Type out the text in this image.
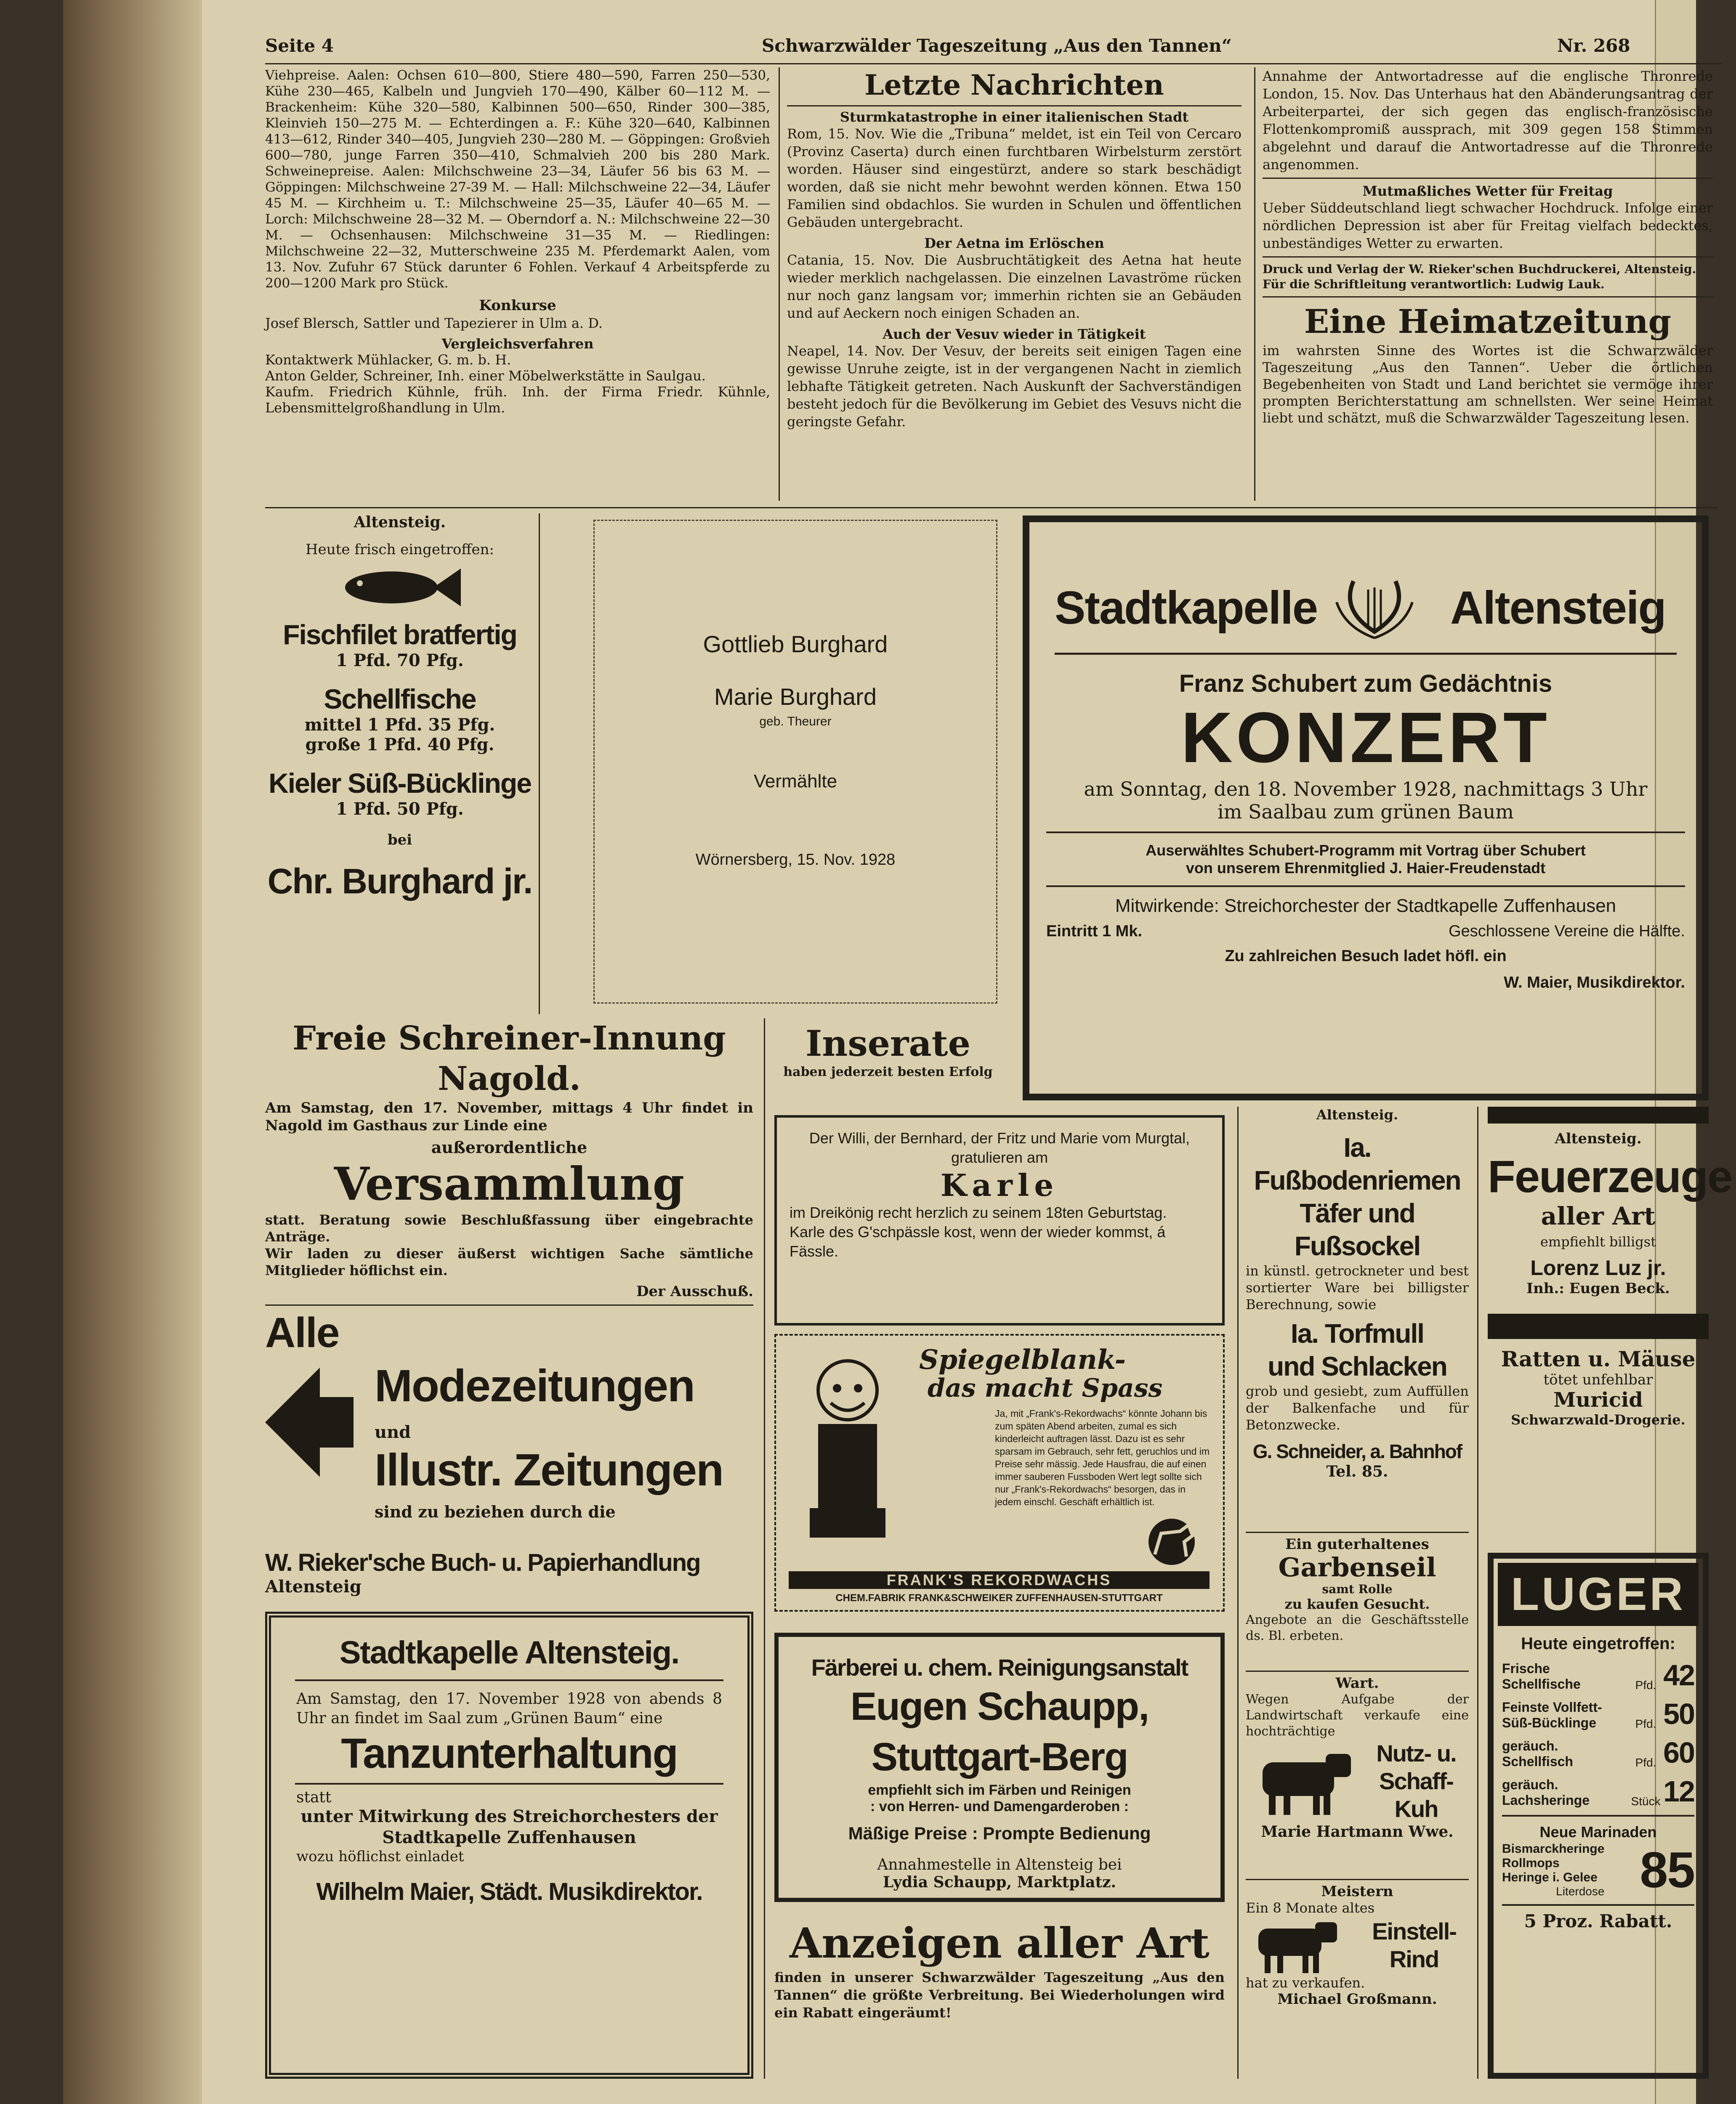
Seite 4	Schwarzwälder Tageszeitung „Aus den Tannen“	Nr. 268

Viehpreise. Aalen: Ochsen 610—800, Stiere 480—590, Farren 250—530, Kühe 230—465, Kalbeln und Jungvieh 170—490, Kälber 60—112 M. — Brackenheim: Kühe 320—580, Kalbinnen 500—650, Rinder 300—385, Kleinvieh 150—275 M. — Echterdingen a. F.: Kühe 320—640, Kalbinnen 413—612, Rinder 340—405, Jungvieh 230—280 M. — Göppingen: Großvieh 600—780, junge Farren 350—410, Schmalvieh 200 bis 280 Mark. Schweinepreise. Aalen: Milchschweine 23—34, Läufer 56 bis 63 M. — Göppingen: Milchschweine 27-39 M. — Hall: Milchschweine 22—34, Läufer 45 M. — Kirchheim u. T.: Milchschweine 25—35, Läufer 40—65 M. — Lorch: Milchschweine 28—32 M. — Oberndorf a. N.: Milchschweine 22—30 M. — Ochsenhausen: Milchschweine 31—35 M. — Riedlingen: Milchschweine 22—32, Mutterschweine 235 M. Pferdemarkt Aalen, vom 13. Nov. Zufuhr 67 Stück darunter 6 Fohlen. Verkauf 4 Arbeitspferde zu 200—1200 Mark pro Stück.

Konkurse

Josef Blersch, Sattler und Tapezierer in Ulm a. D.

Vergleichsverfahren

Kontaktwerk Mühlacker, G. m. b. H.

Anton Gelder, Schreiner, Inh. einer Möbelwerkstätte in Saulgau.

Kaufm. Friedrich Kühnle, früh. Inh. der Firma Friedr. Kühnle, Lebensmittelgroßhandlung in Ulm.

Letzte Nachrichten

Sturmkatastrophe in einer italienischen Stadt

Rom, 15. Nov. Wie die „Tribuna“ meldet, ist ein Teil von Cercaro (Provinz Caserta) durch einen furchtbaren Wirbelsturm zerstört worden. Häuser sind eingestürzt, andere so stark beschädigt worden, daß sie nicht mehr bewohnt werden können. Etwa 150 Familien sind obdachlos. Sie wurden in Schulen und öffentlichen Gebäuden untergebracht.

Der Aetna im Erlöschen

Catania, 15. Nov. Die Ausbruchtätigkeit des Aetna hat heute wieder merklich nachgelassen. Die einzelnen Lavaströme rücken nur noch ganz langsam vor; immerhin richten sie an Gebäuden und auf Aeckern noch einigen Schaden an.

Auch der Vesuv wieder in Tätigkeit

Neapel, 14. Nov. Der Vesuv, der bereits seit einigen Tagen eine gewisse Unruhe zeigte, ist in der vergangenen Nacht in ziemlich lebhafte Tätigkeit getreten. Nach Auskunft der Sachverständigen besteht jedoch für die Bevölkerung im Gebiet des Vesuvs nicht die geringste Gefahr.

Annahme der Antwortadresse auf die englische Thronrede London, 15. Nov. Das Unterhaus hat den Abänderungsantrag der Arbeiterpartei, der sich gegen das englisch-französische Flottenkompromiß aussprach, mit 309 gegen 158 Stimmen abgelehnt und darauf die Antwortadresse auf die Thronrede angenommen.

Mutmaßliches Wetter für Freitag

Ueber Süddeutschland liegt schwacher Hochdruck. Infolge einer nördlichen Depression ist aber für Freitag vielfach bedecktes, unbeständiges Wetter zu erwarten.

Druck und Verlag der W. Rieker'schen Buchdruckerei, Altensteig.

Für die Schriftleitung verantwortlich: Ludwig Lauk.

Eine Heimatzeitung

im wahrsten Sinne des Wortes ist die Schwarzwälder Tageszeitung „Aus den Tannen“. Ueber die örtlichen Begebenheiten von Stadt und Land berichtet sie vermöge ihrer prompten Berichterstattung am schnellsten. Wer seine Heimat liebt und schätzt, muß die Schwarzwälder Tageszeitung lesen.

Altensteig.

Heute frisch eingetroffen:

Fischfilet bratfertig

1 Pfd. 70 Pfg.

Schellfische

mittel 1 Pfd. 35 Pfg.

große 1 Pfd. 40 Pfg.

Kieler Süß-Bücklinge

1 Pfd. 50 Pfg.

bei

Chr. Burghard jr.

Gottlieb Burghard

Marie Burghard

geb. Theurer

Vermählte

Wörnersberg, 15. Nov. 1928

Stadtkapelle	Altensteig

Franz Schubert zum Gedächtnis

KONZERT

am Sonntag, den 18. November 1928, nachmittags 3 Uhr

im Saalbau zum grünen Baum

Auserwähltes Schubert-Programm mit Vortrag über Schubert

von unserem Ehrenmitglied J. Haier-Freudenstadt

Mitwirkende: Streichorchester der Stadtkapelle Zuffenhausen

Eintritt 1 Mk.	Geschlossene Vereine die Hälfte.

Zu zahlreichen Besuch ladet höfl. ein

W. Maier, Musikdirektor.

Freie Schreiner-Innung Nagold.

Am Samstag, den 17. November, mittags 4 Uhr findet in Nagold im Gasthaus zur Linde eine

außerordentliche

Versammlung

statt. Beratung sowie Beschlußfassung über eingebrachte Anträge.

Wir laden zu dieser äußerst wichtigen Sache sämtliche Mitglieder höflichst ein.

Der Ausschuß.

Inserate

haben jederzeit besten Erfolg

Alle

Modezeitungen

und

Illustr. Zeitungen

sind zu beziehen durch die

W. Rieker'sche Buch- u. Papierhandlung

Altensteig

Stadtkapelle Altensteig.

Am Samstag, den 17. November 1928 von abends 8 Uhr an findet im Saal zum „Grünen Baum“ eine

Tanzunterhaltung

statt

unter Mitwirkung des Streichorchesters der Stadtkapelle Zuffenhausen

wozu höflichst einladet

Wilhelm Maier, Städt. Musikdirektor.

Der Willi, der Bernhard, der Fritz und Marie vom Murgtal, gratulieren am

Karle

im Dreikönig recht herzlich zu seinem 18ten Geburtstag.

Karle des G'schpässle kost, wenn der wieder kommst, á Fässle.

Spiegelblank-

das macht Spass

Ja, mit „Frank's-Rekordwachs“ könnte Johann bis zum späten Abend arbeiten, zumal es sich kinderleicht auftragen lässt. Dazu ist es sehr sparsam im Gebrauch, sehr fett, geruchlos und im Preise sehr mässig. Jede Hausfrau, die auf einen immer sauberen Fussboden Wert legt sollte sich nur „Frank's-Rekordwachs“ besorgen, das in jedem einschl. Geschäft erhältlich ist.

FRANK'S REKORDWACHS

CHEM.FABRIK FRANK&SCHWEIKER ZUFFENHAUSEN-STUTTGART

Färberei u. chem. Reinigungsanstalt

Eugen Schaupp, Stuttgart-Berg

empfiehlt sich im Färben und Reinigen

: von Herren- und Damengarderoben :

Mäßige Preise : Prompte Bedienung

Annahmestelle in Altensteig bei

Lydia Schaupp, Marktplatz.

Anzeigen aller Art

finden in unserer Schwarzwälder Tageszeitung „Aus den Tannen“ die größte Verbreitung. Bei Wiederholungen wird ein Rabatt eingeräumt!

Altensteig.

Ia. Fußbodenriemen

Täfer und Fußsockel

in künstl. getrockneter und best sortierter Ware bei billigster Berechnung, sowie

Ia. Torfmull

und Schlacken

grob und gesiebt, zum Auffüllen der Balkenfache und für Betonzwecke.

G. Schneider, a. Bahnhof

Tel. 85.

Ein guterhaltenes

Garbenseil

samt Rolle

zu kaufen Gesucht.

Angebote an die Geschäftsstelle ds. Bl. erbeten.

Wart.

Wegen Aufgabe der Landwirtschaft verkaufe eine hochträchtige

Nutz- u. Schaff-Kuh

Marie Hartmann Wwe.

Meistern

Ein 8 Monate altes

Einstell-Rind

hat zu verkaufen.

Michael Großmann.

Altensteig.

Feuerzeuge

aller Art

empfiehlt billigst

Lorenz Luz jr.

Inh.: Eugen Beck.

Ratten u. Mäuse

tötet unfehlbar

Muricid

Schwarzwald-Drogerie.

LUGER

Heute eingetroffen:

Frische Schellfische	Pfd. 42
Feinste Vollfett-Süß-Bücklinge	Pfd. 50
geräuch. Schellfisch	Pfd. 60
geräuch. Lachsheringe	Stück 12

Neue Marinaden

Bismarckheringe

Rollmops

Heringe i. Gelee

Literdose 85

5 Proz. Rabatt.
